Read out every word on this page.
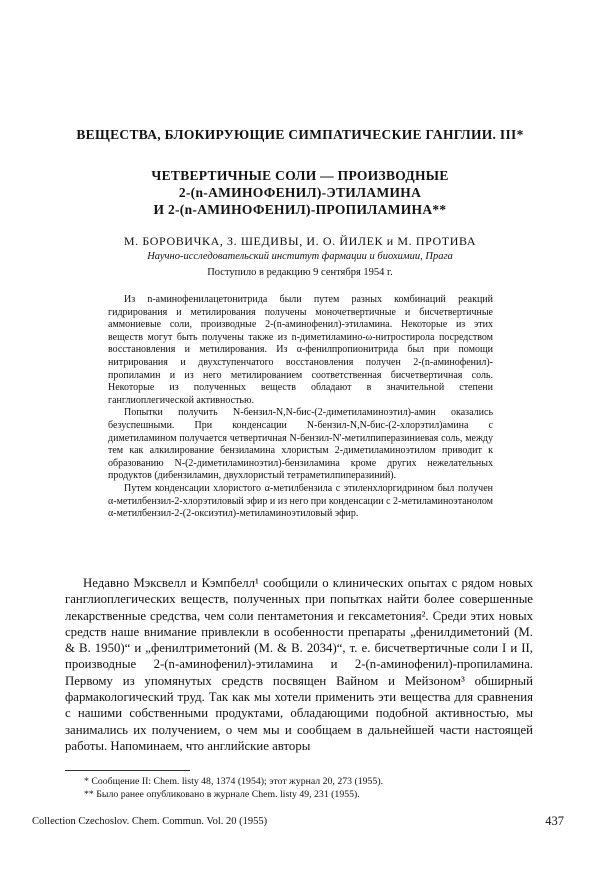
ВЕЩЕСТВА, БЛОКИРУЮЩИЕ СИМПАТИЧЕСКИЕ ГАНГЛИИ. III*
ЧЕТВЕРТИЧНЫЕ СОЛИ — ПРОИЗВОДНЫЕ
2-(n-АМИНОФЕНИЛ)-ЭТИЛАМИНА
И 2-(n-АМИНОФЕНИЛ)-ПРОПИЛАМИНА**
М. БОРОВИЧКА, З. ШЕДИВЫ, И. О. ЙИЛЕК и М. ПРОТИВА
Научно-исследовательский институт фармации и биохимии, Прага
Поступило в редакцию 9 сентября 1954 г.

Из n-аминофенилацетонитрида были путем разных комбинаций реакций гидрирования и метилирования получены моночетвертичные и бисчетвертичные аммониевые соли, производные 2-(n-аминофенил)-этиламина. Некоторые из этих веществ могут быть получены также из n-диметиламино-ω-нитростирола посредством восстановления и метилирования. Из α-фенилпропионитрида был при помощи нитрирования и двухступенчатого восстановления получен 2-(n-аминофенил)-пропиламин и из него метилированием соответственная бисчетвертичная соль. Некоторые из полученных веществ обладают в значительной степени ганглиоплегической активностью.

Попытки получить N-бензил-N,N-бис-(2-диметиламиноэтил)-амин оказались безуспешными. При конденсации N-бензил-N,N-бис-(2-хлорэтил)амина с диметиламином получается четвертичная N-бензил-N'-метилпиперазиниевая соль, между тем как алкилирование бензиламина хлористым 2-диметиламиноэтилом приводит к образованию N-(2-диметиламиноэтил)-бензиламина кроме других нежелательных продуктов (дибензиламин, двухлористый тетраметилпиперазиний).

Путем конденсации хлористого α-метилбензила с этиленхлоргидрином был получен α-метилбензил-2-хлорэтиловый эфир и из него при конденсации с 2-метиламиноэтанолом α-метилбензил-2-(2-оксиэтил)-метиламиноэтиловый эфир.

Недавно Мэксвелл и Кэмпбелл¹ сообщили о клинических опытах с рядом новых ганглиоплегических веществ, полученных при попытках найти более совершенные лекарственные средства, чем соли пентаметония и гексаметония². Среди этих новых средств наше внимание привлекли в особенности препараты „фенилдиметоний (M. & B. 1950)“ и „фенилтриметоний (M. & B. 2034)“, т. е. бисчетвертичные соли I и II, производные 2-(n-аминофенил)-этиламина и 2-(n-аминофенил)-пропиламина. Первому из упомянутых средств посвящен Вайном и Мейзоном³ обширный фармакологический труд. Так как мы хотели применить эти вещества для сравнения с нашими собственными продуктами, обладающими подобной активностью, мы занимались их получением, о чем мы и сообщаем в дальнейшей части настоящей работы. Напоминаем, что английские авторы

* Сообщение II: Chem. listy 48, 1374 (1954); этот журнал 20, 273 (1955).
** Было ранее опубликовано в журнале Chem. listy 49, 231 (1955).
Collection Czechoslov. Chem. Commun. Vol. 20 (1955)	437
